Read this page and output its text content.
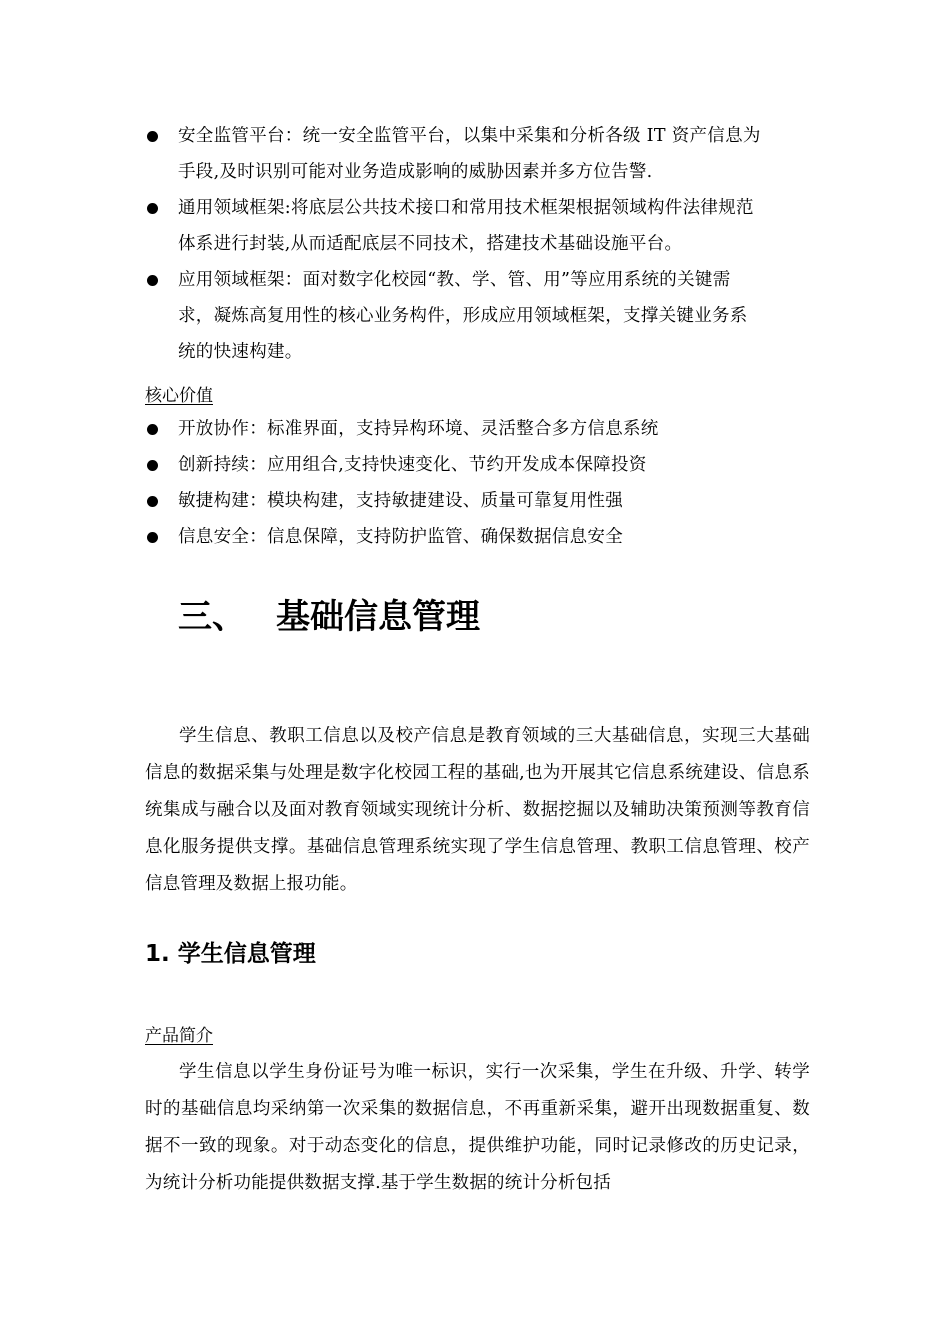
安全监管平台：统一安全监管平台，以集中采集和分析各级 IT 资产信息为
手段,及时识别可能对业务造成影响的威胁因素并多方位告警.
通用领域框架:将底层公共技术接口和常用技术框架根据领域构件法律规范
体系进行封装,从而适配底层不同技术，搭建技术基础设施平台。
应用领域框架：面对数字化校园“教、学、管、用”等应用系统的关键需
求，凝炼高复用性的核心业务构件，形成应用领域框架，支撑关键业务系
统的快速构建。
核心价值
开放协作：标准界面，支持异构环境、灵活整合多方信息系统
创新持续：应用组合,支持快速变化、节约开发成本保障投资
敏捷构建：模块构建，支持敏捷建设、质量可靠复用性强
信息安全：信息保障，支持防护监管、确保数据信息安全
三、 基础信息管理

学生信息、教职工信息以及校产信息是教育领域的三大基础信息，实现三大基础信息的数据采集与处理是数字化校园工程的基础,也为开展其它信息系统建设、信息系统集成与融合以及面对教育领域实现统计分析、数据挖掘以及辅助决策预测等教育信息化服务提供支撑。基础信息管理系统实现了学生信息管理、教职工信息管理、校产信息管理及数据上报功能。

1. 学生信息管理
产品简介

学生信息以学生身份证号为唯一标识，实行一次采集，学生在升级、升学、转学时的基础信息均采纳第一次采集的数据信息，不再重新采集，避开出现数据重复、数据不一致的现象。对于动态变化的信息，提供维护功能，同时记录修改的历史记录，为统计分析功能提供数据支撑.基于学生数据的统计分析包括
